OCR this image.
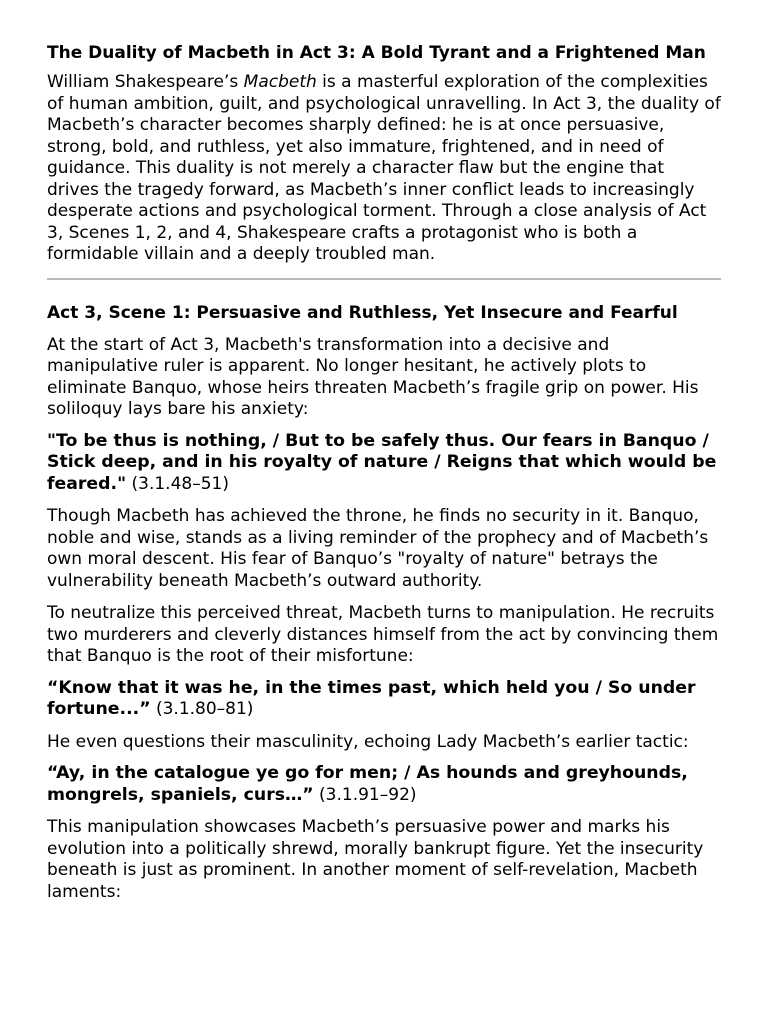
The Duality of Macbeth in Act 3: A Bold Tyrant and a Frightened Man

William Shakespeare’s Macbeth is a masterful exploration of the complexities of human ambition, guilt, and psychological unravelling. In Act 3, the duality of Macbeth’s character becomes sharply defined: he is at once persuasive, strong, bold, and ruthless, yet also immature, frightened, and in need of guidance. This duality is not merely a character flaw but the engine that drives the tragedy forward, as Macbeth’s inner conflict leads to increasingly desperate actions and psychological torment. Through a close analysis of Act 3, Scenes 1, 2, and 4, Shakespeare crafts a protagonist who is both a formidable villain and a deeply troubled man.

Act 3, Scene 1: Persuasive and Ruthless, Yet Insecure and Fearful

At the start of Act 3, Macbeth's transformation into a decisive and manipulative ruler is apparent. No longer hesitant, he actively plots to eliminate Banquo, whose heirs threaten Macbeth’s fragile grip on power. His soliloquy lays bare his anxiety:

"To be thus is nothing, / But to be safely thus. Our fears in Banquo / Stick deep, and in his royalty of nature / Reigns that which would be feared." (3.1.48–51)

Though Macbeth has achieved the throne, he finds no security in it. Banquo, noble and wise, stands as a living reminder of the prophecy and of Macbeth’s own moral descent. His fear of Banquo’s "royalty of nature" betrays the vulnerability beneath Macbeth’s outward authority.

To neutralize this perceived threat, Macbeth turns to manipulation. He recruits two murderers and cleverly distances himself from the act by convincing them that Banquo is the root of their misfortune:

“Know that it was he, in the times past, which held you / So under fortune...” (3.1.80–81)

He even questions their masculinity, echoing Lady Macbeth’s earlier tactic:

“Ay, in the catalogue ye go for men; / As hounds and greyhounds, mongrels, spaniels, curs…” (3.1.91–92)

This manipulation showcases Macbeth’s persuasive power and marks his evolution into a politically shrewd, morally bankrupt figure. Yet the insecurity beneath is just as prominent. In another moment of self-revelation, Macbeth laments:
